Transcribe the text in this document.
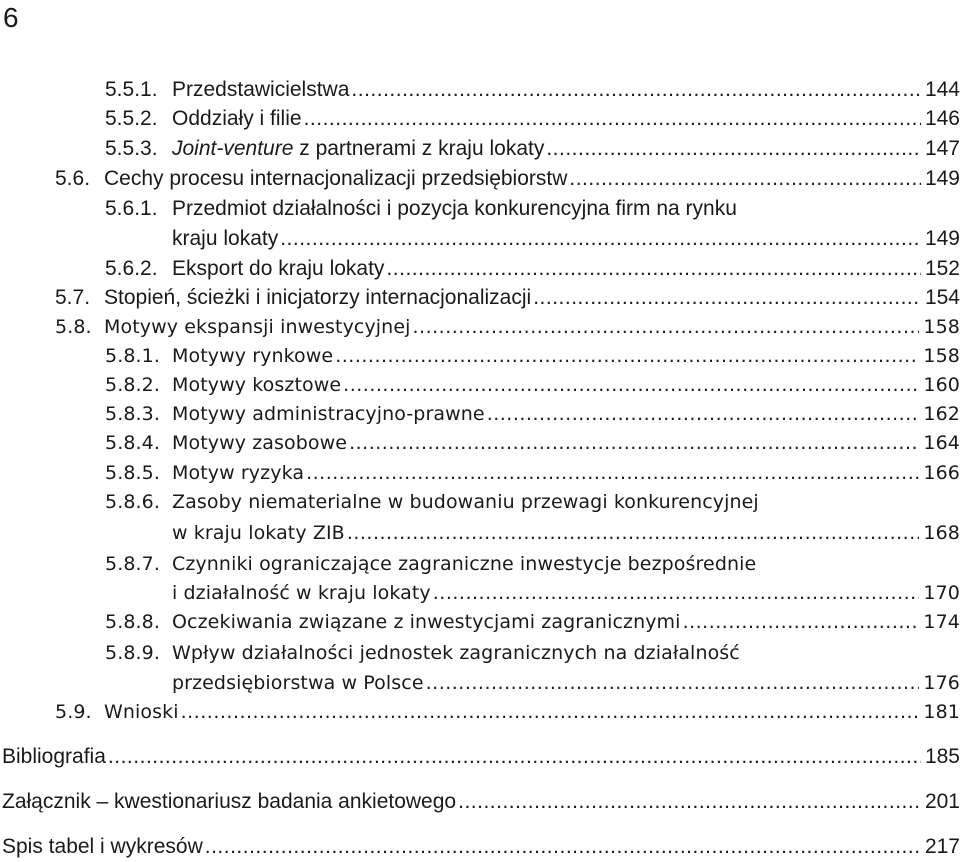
6
5.5.1. Przedstawicielstwa .....	144
5.5.2. Oddziały i filie .....	146
5.5.3. Joint-venture z partnerami z kraju lokaty .....	147
5.6. Cechy procesu internacjonalizacji przedsiębiorstw .....	149
5.6.1. Przedmiot działalności i pozycja konkurencyjna firm na rynku
kraju lokaty .....	149
5.6.2. Eksport do kraju lokaty .....	152
5.7. Stopień, ścieżki i inicjatorzy internacjonalizacji .....	154
5.8. Motywy ekspansji inwestycyjnej .....	158
5.8.1. Motywy rynkowe .....	158
5.8.2. Motywy kosztowe .....	160
5.8.3. Motywy administracyjno-prawne .....	162
5.8.4. Motywy zasobowe .....	164
5.8.5. Motyw ryzyka .....	166
5.8.6. Zasoby niematerialne w budowaniu przewagi konkurencyjnej
w kraju lokaty ZIB .....	168
5.8.7. Czynniki ograniczające zagraniczne inwestycje bezpośrednie
i działalność w kraju lokaty .....	170
5.8.8. Oczekiwania związane z inwestycjami zagranicznymi .....	174
5.8.9. Wpływ działalności jednostek zagranicznych na działalność
przedsiębiorstwa w Polsce .....	176
5.9. Wnioski .....	181
Bibliografia .....	185
Załącznik – kwestionariusz badania ankietowego .....	201
Spis tabel i wykresów .....	217
